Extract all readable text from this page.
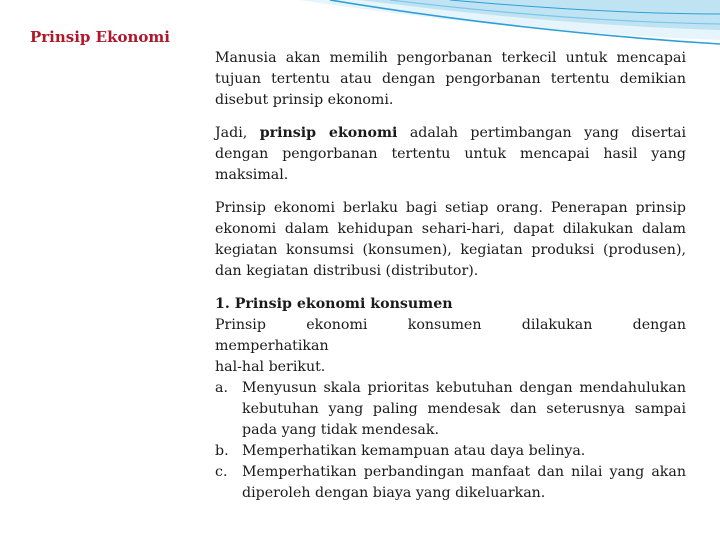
Prinsip Ekonomi

Manusia akan memilih pengorbanan terkecil untuk mencapai tujuan tertentu atau dengan pengorbanan tertentu demikian disebut prinsip ekonomi.

Jadi, prinsip ekonomi adalah pertimbangan yang disertai dengan pengorbanan tertentu untuk mencapai hasil yang maksimal.

Prinsip ekonomi berlaku bagi setiap orang. Penerapan prinsip ekonomi dalam kehidupan sehari-hari, dapat dilakukan dalam kegiatan konsumsi (konsumen), kegiatan produksi (produsen), dan kegiatan distribusi (distributor).

1. Prinsip ekonomi konsumen
Prinsip	ekonomi	konsumen	dilakukan	dengan
memperhatikan
hal-hal berikut.
a. Menyusun skala prioritas kebutuhan dengan mendahulukan kebutuhan yang paling mendesak dan seterusnya sampai pada yang tidak mendesak.
b. Memperhatikan kemampuan atau daya belinya.
c.	Memperhatikan perbandingan manfaat dan nilai yang akan diperoleh dengan biaya yang dikeluarkan.
